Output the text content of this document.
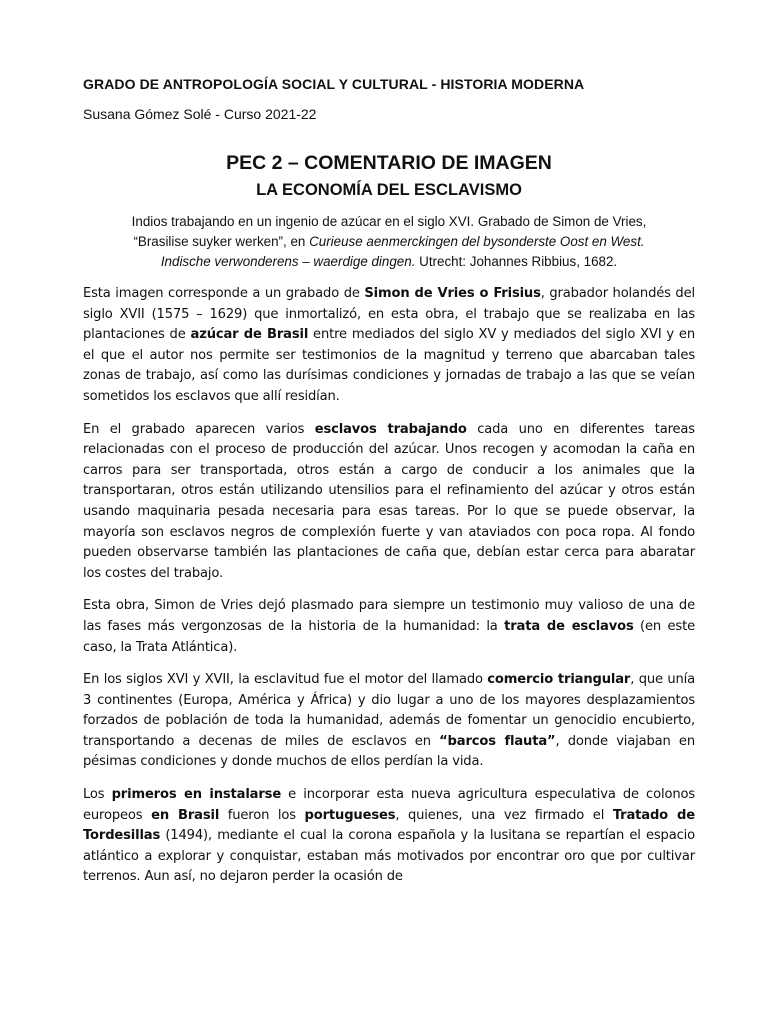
GRADO DE ANTROPOLOGÍA SOCIAL Y CULTURAL - HISTORIA MODERNA

Susana Gómez Solé - Curso 2021-22

PEC 2 – COMENTARIO DE IMAGEN
LA ECONOMÍA DEL ESCLAVISMO

Indios trabajando en un ingenio de azúcar en el siglo XVI. Grabado de Simon de Vries,
“Brasilise suyker werken”, en Curieuse aenmerckingen del bysonderste Oost en West.
Indische verwonderens – waerdige dingen. Utrecht: Johannes Ribbius, 1682.

Esta imagen corresponde a un grabado de Simon de Vries o Frisius, grabador holandés del siglo XVII (1575 – 1629) que inmortalizó, en esta obra, el trabajo que se realizaba en las plantaciones de azúcar de Brasil entre mediados del siglo XV y mediados del siglo XVI y en el que el autor nos permite ser testimonios de la magnitud y terreno que abarcaban tales zonas de trabajo, así como las durísimas condiciones y jornadas de trabajo a las que se veían sometidos los esclavos que allí residían.

En el grabado aparecen varios esclavos trabajando cada uno en diferentes tareas relacionadas con el proceso de producción del azúcar. Unos recogen y acomodan la caña en carros para ser transportada, otros están a cargo de conducir a los animales que la transportaran, otros están utilizando utensilios para el refinamiento del azúcar y otros están usando maquinaria pesada necesaria para esas tareas. Por lo que se puede observar, la mayoría son esclavos negros de complexión fuerte y van ataviados con poca ropa. Al fondo pueden observarse también las plantaciones de caña que, debían estar cerca para abaratar los costes del trabajo.

Esta obra, Simon de Vries dejó plasmado para siempre un testimonio muy valioso de una de las fases más vergonzosas de la historia de la humanidad: la trata de esclavos (en este caso, la Trata Atlántica).

En los siglos XVI y XVII, la esclavitud fue el motor del llamado comercio triangular, que unía 3 continentes (Europa, América y África) y dio lugar a uno de los mayores desplazamientos forzados de población de toda la humanidad, además de fomentar un genocidio encubierto, transportando a decenas de miles de esclavos en “barcos flauta”, donde viajaban en pésimas condiciones y donde muchos de ellos perdían la vida.

Los primeros en instalarse e incorporar esta nueva agricultura especulativa de colonos europeos en Brasil fueron los portugueses, quienes, una vez firmado el Tratado de Tordesillas (1494), mediante el cual la corona española y la lusitana se repartían el espacio atlántico a explorar y conquistar, estaban más motivados por encontrar oro que por cultivar terrenos. Aun así, no dejaron perder la ocasión de
